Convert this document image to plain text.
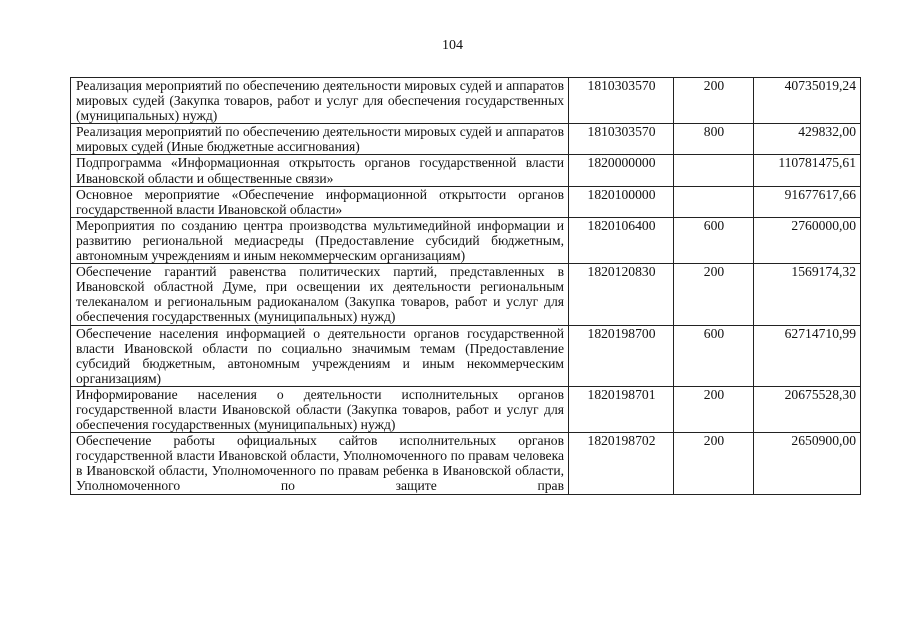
104
Реализация мероприятий по обеспечению деятельности мировых судей и аппаратов мировых судей (Закупка товаров, работ и услуг для обеспечения государственных (муниципальных) нужд)	1810303570	200	40735019,24
Реализация мероприятий по обеспечению деятельности мировых судей и аппаратов мировых судей (Иные бюджетные ассигнования)	1810303570	800	429832,00
Подпрограмма «Информационная открытость органов государственной власти Ивановской области и общественные связи»	1820000000		110781475,61
Основное мероприятие «Обеспечение информационной открытости органов государственной власти Ивановской области»	1820100000		91677617,66
Мероприятия по созданию центра производства мультимедийной информации и развитию региональной медиасреды (Предоставление субсидий бюджетным, автономным учреждениям и иным некоммерческим организациям)	1820106400	600	2760000,00
Обеспечение гарантий равенства политических партий, представленных в Ивановской областной Думе, при освещении их деятельности региональным телеканалом и региональным радиоканалом (Закупка товаров, работ и услуг для обеспечения государственных (муниципальных) нужд)	1820120830	200	1569174,32
Обеспечение населения информацией о деятельности органов государственной власти Ивановской области по социально значимым темам (Предоставление субсидий бюджетным, автономным учреждениям и иным некоммерческим организациям)	1820198700	600	62714710,99
Информирование населения о деятельности исполнительных органов государственной власти Ивановской области (Закупка товаров, работ и услуг для обеспечения государственных (муниципальных) нужд)	1820198701	200	20675528,30
Обеспечение работы официальных сайтов исполнительных органов государственной власти Ивановской области, Уполномоченного по правам человека в Ивановской области, Уполномоченного по правам ребенка в Ивановской области, Уполномоченного по защите прав	1820198702	200	2650900,00
